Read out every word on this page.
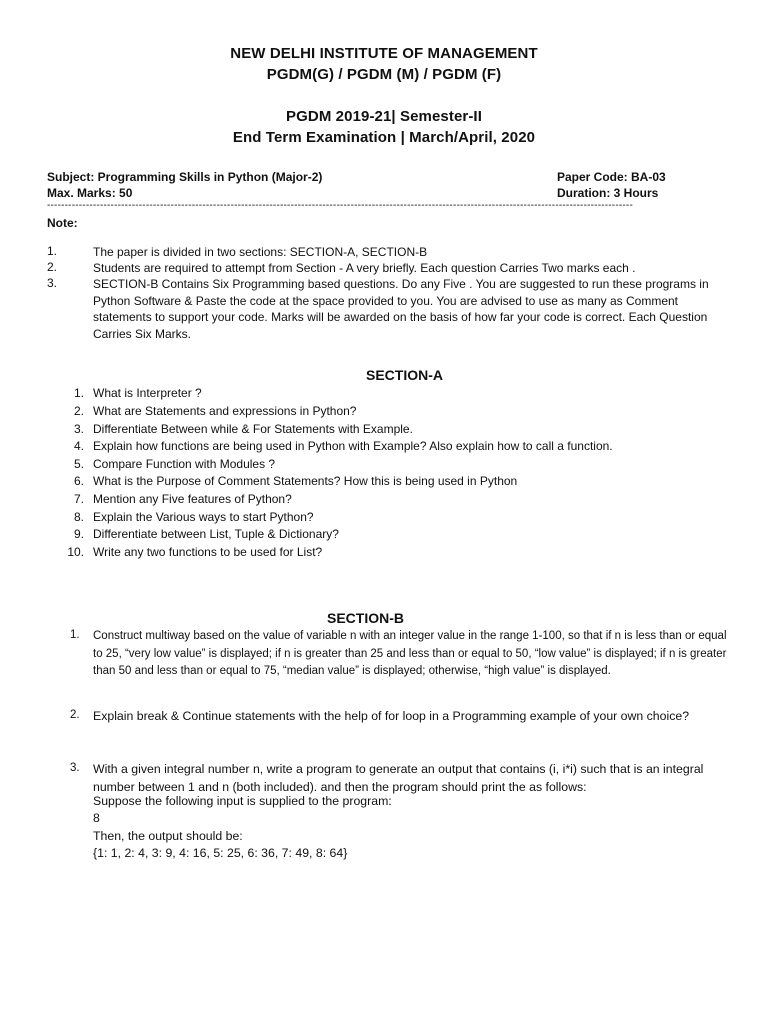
NEW DELHI INSTITUTE OF MANAGEMENT
PGDM(G) / PGDM (M) / PGDM (F)
PGDM 2019-21| Semester-II
End Term Examination | March/April, 2020
Subject: Programming Skills in Python (Major-2)	Paper Code: BA-03
Max. Marks: 50	Duration: 3 Hours
----------------------------------------------------------------------------------------------------------------------------------------------------------------------
Note:
1.	The paper is divided in two sections: SECTION-A, SECTION-B
2.	Students are required to attempt from Section - A very briefly. Each question Carries Two marks each .
3.	SECTION-B Contains Six Programming based questions. Do any Five . You are suggested to run these programs in Python Software & Paste the code at the space provided to you. You are advised to use as many as Comment statements to support your code. Marks will be awarded on the basis of how far your code is correct. Each Question Carries Six Marks.
SECTION-A
1. What is Interpreter ?
2. What are Statements and expressions in Python?
3. Differentiate Between while & For Statements with Example.
4. Explain how functions are being used in Python with Example? Also explain how to call a function.
5. Compare Function with Modules ?
6. What is the Purpose of Comment Statements? How this is being used in Python
7. Mention any Five features of Python?
8. Explain the Various ways to start Python?
9. Differentiate between List, Tuple & Dictionary?
10. Write any two functions to be used for List?
SECTION-B
1. Construct multiway based on the value of variable n with an integer value in the range 1-100, so that if n is less than or equal to 25, “very low value” is displayed; if n is greater than 25 and less than or equal to 50, “low value” is displayed; if n is greater than 50 and less than or equal to 75, “median value” is displayed; otherwise, “high value” is displayed.
2. Explain break & Continue statements with the help of for loop in a Programming example of your own choice?
3. With a given integral number n, write a program to generate an output that contains (i, i*i) such that is an integral number between 1 and n (both included). and then the program should print the as follows:
Suppose the following input is supplied to the program:
8
Then, the output should be:
{1: 1, 2: 4, 3: 9, 4: 16, 5: 25, 6: 36, 7: 49, 8: 64}
